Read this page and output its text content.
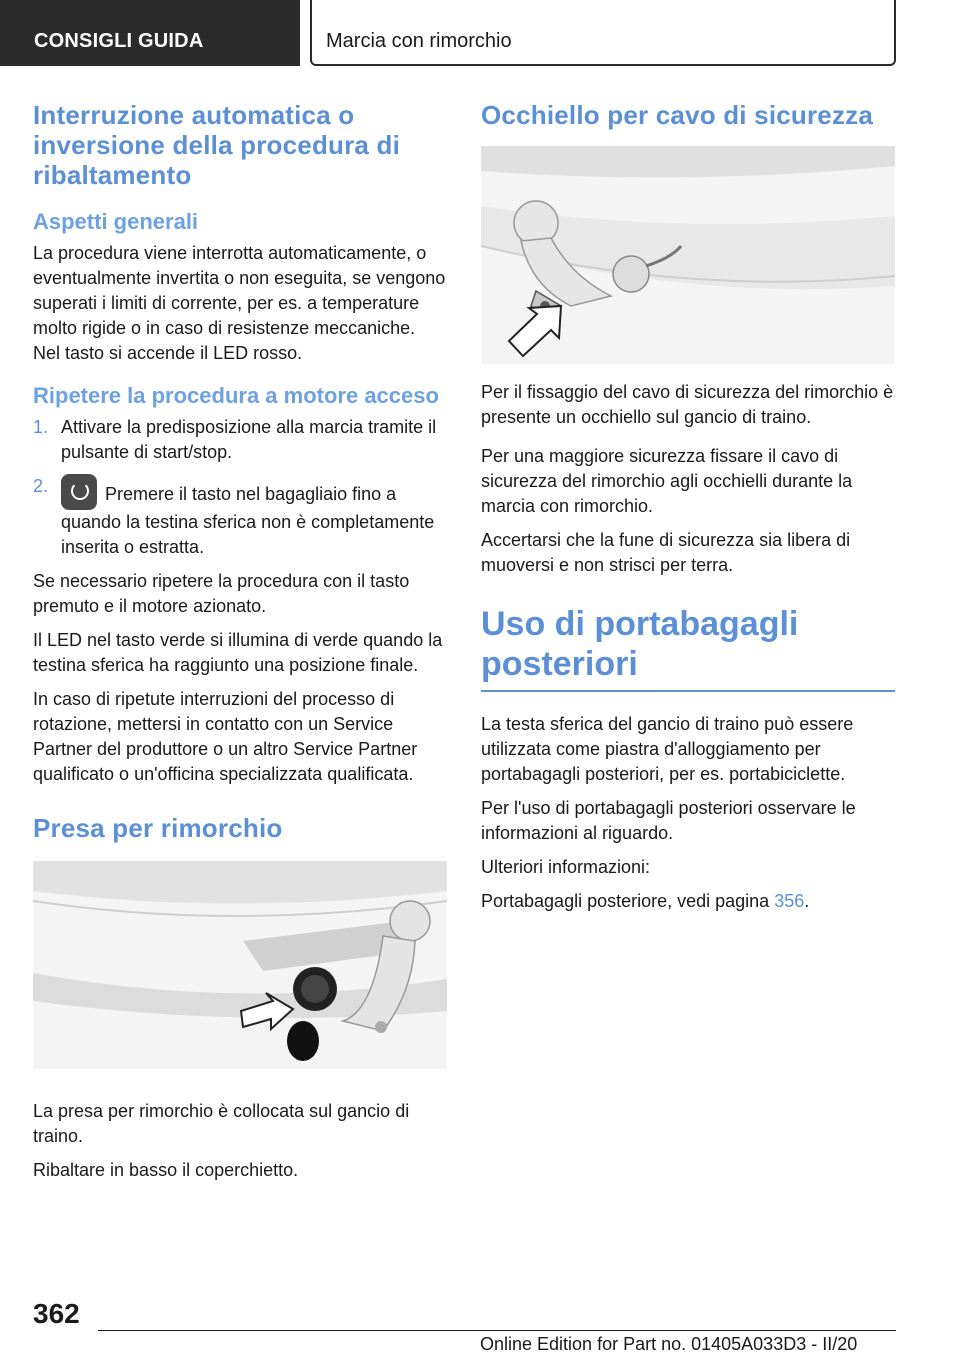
CONSIGLI GUIDA	Marcia con rimorchio
Interruzione automatica o inversione della procedura di ribaltamento
Aspetti generali

La procedura viene interrotta automaticamente, o eventualmente invertita o non eseguita, se vengono superati i limiti di corrente, per es. a temperature molto rigide o in caso di resistenze meccaniche. Nel tasto si accende il LED rosso.

Ripetere la procedura a motore acceso
1. Attivare la predisposizione alla marcia tramite il pulsante di start/stop.
2.	Premere il tasto nel bagagliaio fino a quando la testina sferica non è completamente inserita o estratta.

Se necessario ripetere la procedura con il tasto premuto e il motore azionato.

Il LED nel tasto verde si illumina di verde quando la testina sferica ha raggiunto una posizione finale.

In caso di ripetute interruzioni del processo di rotazione, mettersi in contatto con un Service Partner del produttore o un altro Service Partner qualificato o un'officina specializzata qualificata.

Presa per rimorchio

La presa per rimorchio è collocata sul gancio di traino.

Ribaltare in basso il coperchietto.

Occhiello per cavo di sicurezza

Per il fissaggio del cavo di sicurezza del rimorchio è presente un occhiello sul gancio di traino.

Per una maggiore sicurezza fissare il cavo di sicurezza del rimorchio agli occhielli durante la marcia con rimorchio.

Accertarsi che la fune di sicurezza sia libera di muoversi e non strisci per terra.

Uso di portabagagli posteriori

La testa sferica del gancio di traino può essere utilizzata come piastra d'alloggiamento per portabagagli posteriori, per es. portabiciclette.

Per l'uso di portabagagli posteriori osservare le informazioni al riguardo.

Ulteriori informazioni:

Portabagagli posteriore, vedi pagina 356.

362
Online Edition for Part no. 01405A033D3 - II/20
